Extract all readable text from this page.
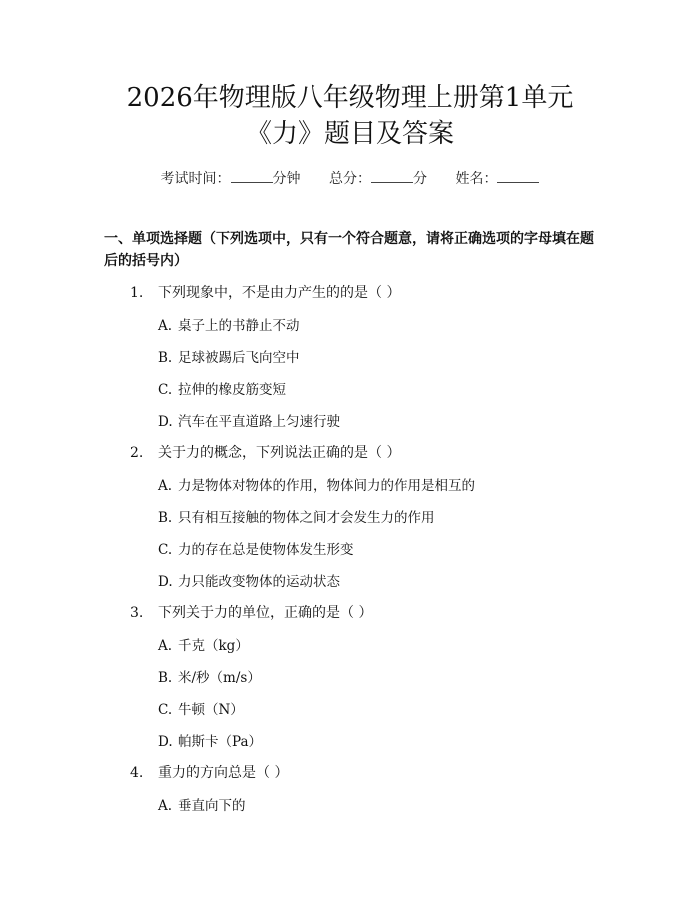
2026年物理版八年级物理上册第1单元
《力》题目及答案
考试时间：	分钟 总分：	分 姓名：
一、单项选择题（下列选项中，只有一个符合题意，请将正确选项的字母填在题后的括号内）
1. 下列现象中，不是由力产生的的是（ ）
A. 桌子上的书静止不动
B. 足球被踢后飞向空中
C. 拉伸的橡皮筋变短
D. 汽车在平直道路上匀速行驶
2. 关于力的概念，下列说法正确的是（ ）
A. 力是物体对物体的作用，物体间力的作用是相互的
B. 只有相互接触的物体之间才会发生力的作用
C. 力的存在总是使物体发生形变
D. 力只能改变物体的运动状态
3. 下列关于力的单位，正确的是（ ）
A. 千克（kg）
B. 米/秒（m/s）
C. 牛顿（N）
D. 帕斯卡（Pa）
4. 重力的方向总是（ ）
A. 垂直向下的
